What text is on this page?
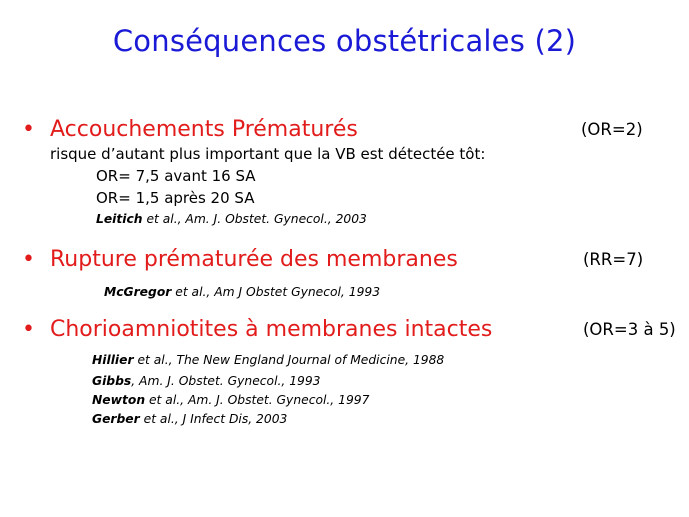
Conséquences obstétricales (2)
• Accouchements Prématurés	(OR=2)
risque d’autant plus important que la VB est détectée tôt:
OR= 7,5 avant 16 SA
OR= 1,5 après 20 SA
Leitich et al., Am. J. Obstet. Gynecol., 2003
• Rupture prématurée des membranes	(RR=7)
McGregor et al., Am J Obstet Gynecol, 1993
• Chorioamniotites à membranes intactes	(OR=3 à 5)
Hillier et al., The New England Journal of Medicine, 1988
Gibbs, Am. J. Obstet. Gynecol., 1993
Newton et al., Am. J. Obstet. Gynecol., 1997
Gerber et al., J Infect Dis, 2003
